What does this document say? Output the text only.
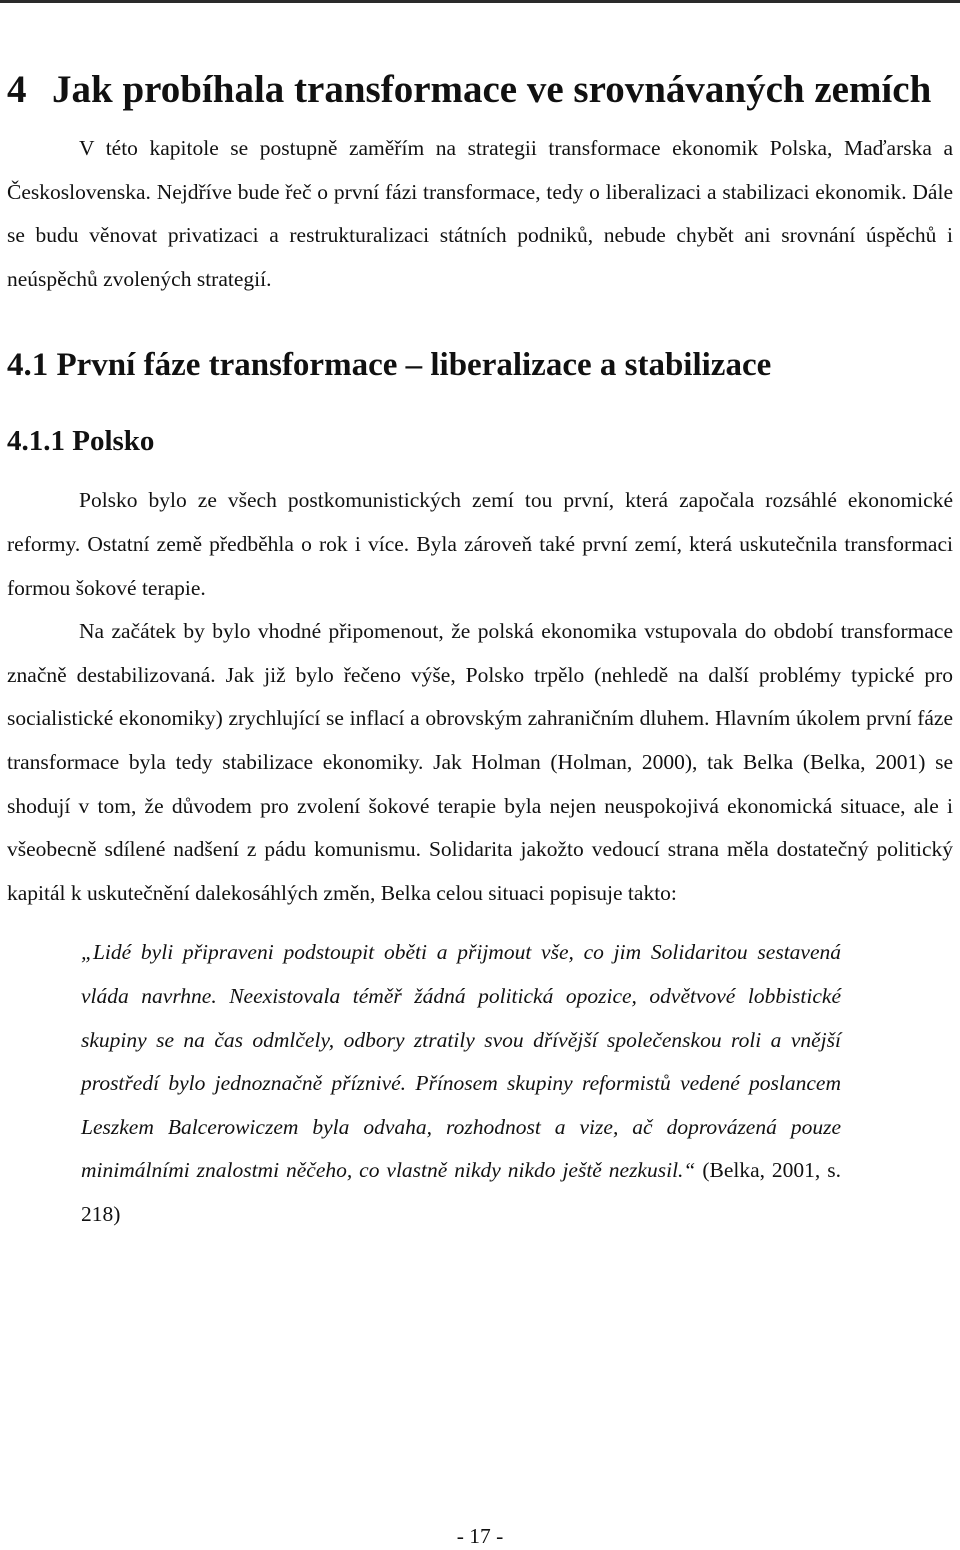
4 Jak probíhala transformace ve srovnávaných zemích

V této kapitole se postupně zaměřím na strategii transformace ekonomik Polska, Maďarska a Československa. Nejdříve bude řeč o první fázi transformace, tedy o liberalizaci a stabilizaci ekonomik. Dále se budu věnovat privatizaci a restrukturalizaci státních podniků, nebude chybět ani srovnání úspěchů i neúspěchů zvolených strategií.

4.1 První fáze transformace – liberalizace a stabilizace
4.1.1 Polsko

Polsko bylo ze všech postkomunistických zemí tou první, která započala rozsáhlé ekonomické reformy. Ostatní země předběhla o rok i více. Byla zároveň také první zemí, která uskutečnila transformaci formou šokové terapie.

Na začátek by bylo vhodné připomenout, že polská ekonomika vstupovala do období transformace značně destabilizovaná. Jak již bylo řečeno výše, Polsko trpělo (nehledě na další problémy typické pro socialistické ekonomiky) zrychlující se inflací a obrovským zahraničním dluhem. Hlavním úkolem první fáze transformace byla tedy stabilizace ekonomiky. Jak Holman (Holman, 2000), tak Belka (Belka, 2001) se shodují v tom, že důvodem pro zvolení šokové terapie byla nejen neuspokojivá ekonomická situace, ale i všeobecně sdílené nadšení z pádu komunismu. Solidarita jakožto vedoucí strana měla dostatečný politický kapitál k uskutečnění dalekosáhlých změn, Belka celou situaci popisuje takto:

„Lidé byli připraveni podstoupit oběti a přijmout vše, co jim Solidaritou sestavená vláda navrhne. Neexistovala téměř žádná politická opozice, odvětvové lobbistické skupiny se na čas odmlčely, odbory ztratily svou dřívější společenskou roli a vnější prostředí bylo jednoznačně příznivé. Přínosem skupiny reformistů vedené poslancem Leszkem Balcerowiczem byla odvaha, rozhodnost a vize, ač doprovázená pouze minimálními znalostmi něčeho, co vlastně nikdy nikdo ještě nezkusil.“ (Belka, 2001, s. 218)
- 17 -
